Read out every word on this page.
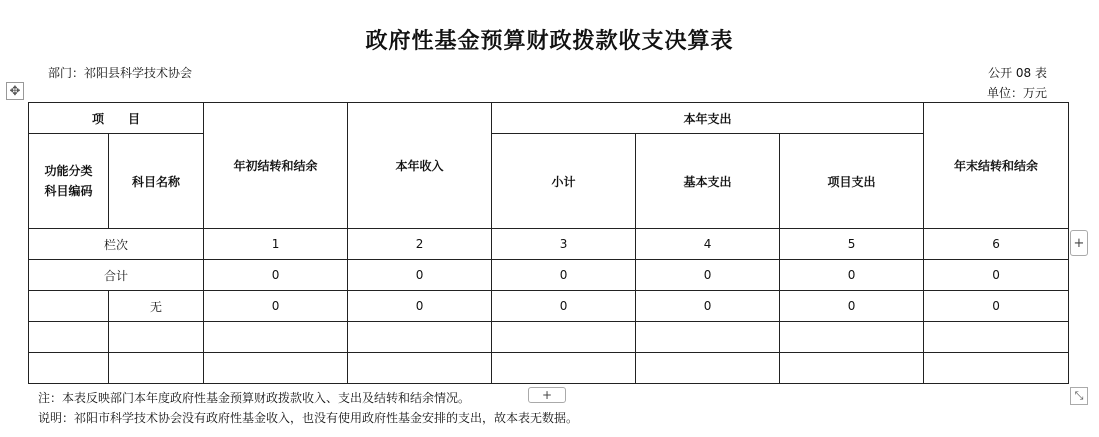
政府性基金预算财政拨款收支决算表
部门：祁阳县科学技术协会	公开 08 表
单位：万元
✥
项　　目		年初结转和结余	本年收入	本年支出			年末结转和结余

功能分类科目编码	科目名称			小计	基本支出	项目支出	
栏次		1	2	3	4	5	6
合计		0	0	0	0	0	0
	无	0	0	0	0	0	0

+
注：本表反映部门本年度政府性基金预算财政拨款收入、支出及结转和结余情况。	+	⤡
说明：祁阳市科学技术协会没有政府性基金收入，也没有使用政府性基金安排的支出，故本表无数据。
